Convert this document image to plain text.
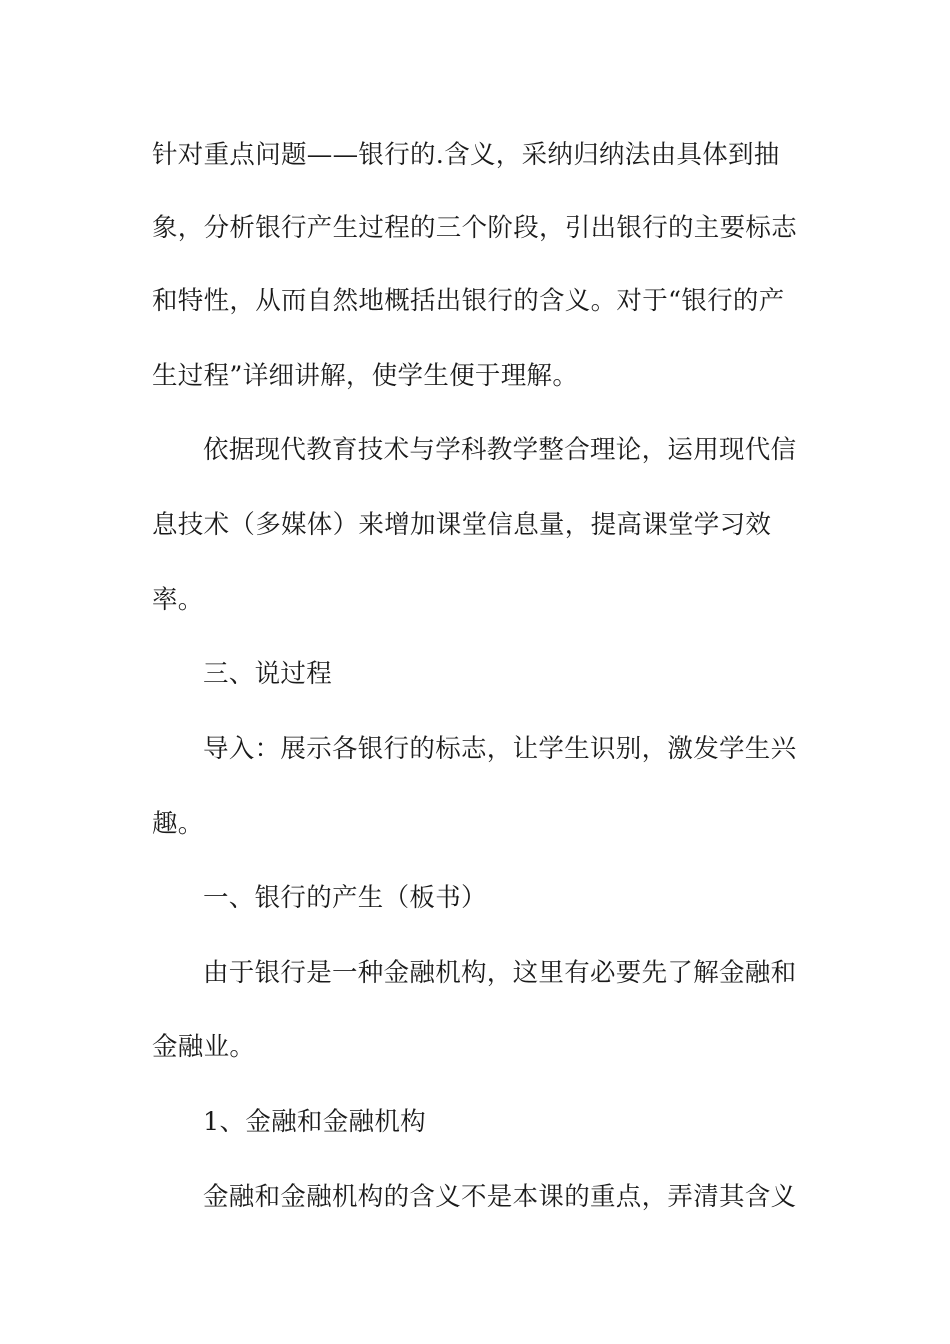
针对重点问题——银行的.含义，采纳归纳法由具体到抽
象，分析银行产生过程的三个阶段，引出银行的主要标志
和特性，从而自然地概括出银行的含义。对于“银行的产
生过程”详细讲解，使学生便于理解。
依据现代教育技术与学科教学整合理论，运用现代信
息技术（多媒体）来增加课堂信息量，提高课堂学习效
率。
三、说过程
导入：展示各银行的标志，让学生识别，激发学生兴
趣。
一、银行的产生（板书）
由于银行是一种金融机构，这里有必要先了解金融和
金融业。
1、金融和金融机构
金融和金融机构的含义不是本课的重点，弄清其含义
